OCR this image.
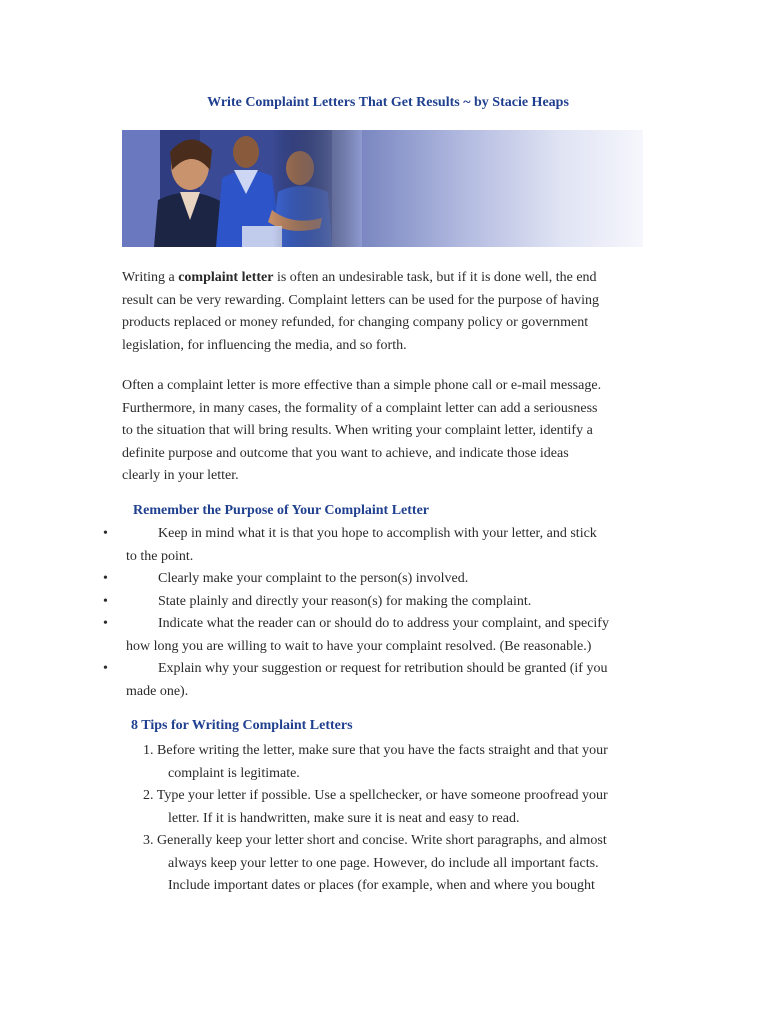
Write Complaint Letters That Get Results ~ by Stacie Heaps
Writing a complaint letter is often an undesirable task, but if it is done well, the end
result can be very rewarding. Complaint letters can be used for the purpose of having
products replaced or money refunded, for changing company policy or government
legislation, for influencing the media, and so forth.
Often a complaint letter is more effective than a simple phone call or e-mail message.
Furthermore, in many cases, the formality of a complaint letter can add a seriousness
to the situation that will bring results. When writing your complaint letter, identify a
definite purpose and outcome that you want to achieve, and indicate those ideas
clearly in your letter.
Remember the Purpose of Your Complaint Letter
•	Keep in mind what it is that you hope to accomplish with your letter, and stick
to the point.
•	Clearly make your complaint to the person(s) involved.
•	State plainly and directly your reason(s) for making the complaint.
•	Indicate what the reader can or should do to address your complaint, and specify
how long you are willing to wait to have your complaint resolved. (Be reasonable.)
•	Explain why your suggestion or request for retribution should be granted (if you
made one).
8 Tips for Writing Complaint Letters
1. Before writing the letter, make sure that you have the facts straight and that your
complaint is legitimate.
2. Type your letter if possible. Use a spellchecker, or have someone proofread your
letter. If it is handwritten, make sure it is neat and easy to read.
3. Generally keep your letter short and concise. Write short paragraphs, and almost
always keep your letter to one page. However, do include all important facts.
Include important dates or places (for example, when and where you bought
